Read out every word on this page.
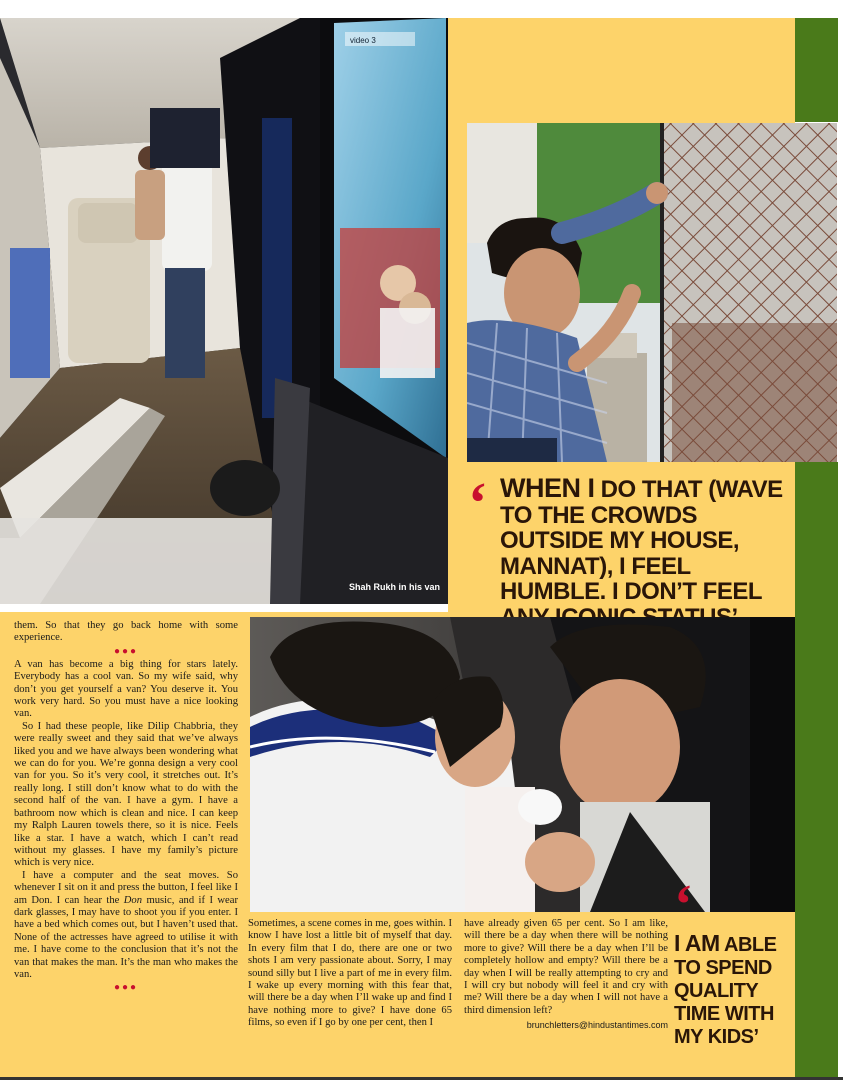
video 3
Shah Rukh in his van
‘ WHEN I DO THAT (WAVE TO THE CROWDS OUTSIDE MY HOUSE, MANNAT), I FEEL HUMBLE. I DON’T FEEL

them. So that they go back home with some experience.

●●●

A van has become a big thing for stars lately. Everybody has a cool van. So my wife said, why don’t you get yourself a van? You deserve it. You work very hard. So you must have a nice looking van.

So I had these people, like Dilip Chabbria, they were really sweet and they said that we’ve always liked you and we have always been wondering what we can do for you. We’re gonna design a very cool van for you. So it’s very cool, it stretches out. It’s really long. I still don’t know what to do with the second half of the van. I have a gym. I have a bathroom now which is clean and nice. I can keep my Ralph Lauren towels there, so it is nice. Feels like a star. I have a watch, which I can’t read without my glasses. I have my family’s picture which is very nice.

I have a computer and the seat moves. So whenever I sit on it and press the button, I feel like I am Don. I can hear the Don music, and if I wear dark glasses, I may have to shoot you if you enter. I have a bed which comes out, but I haven’t used that. None of the actresses have agreed to utilise it with me. I have come to the conclusion that it’s not the van that makes the man. It’s the man who makes the van.

●●●

Sometimes, a scene comes in me, goes within. I know I have lost a little bit of myself that day. In every film that I do, there are one or two shots I am very passionate about. Sorry, I may sound silly but I live a part of me in every film. I wake up every morning with this fear that, will there be a day when I’ll wake up and find I have nothing more to give? I have done 65 films, so even if I go by one per cent, then I

have already given 65 per cent. So I am like, will there be a day when there will be nothing more to give? Will there be a day when I’ll be completely hollow and empty? Will there be a day when I will be really attempting to cry and I will cry but nobody will feel it and cry with me? Will there be a day when I will not have a third dimension left?

brunchletters@hindustantimes.com
‘
I AM ABLE TO SPEND QUALITY TIME WITH MY KIDS’
